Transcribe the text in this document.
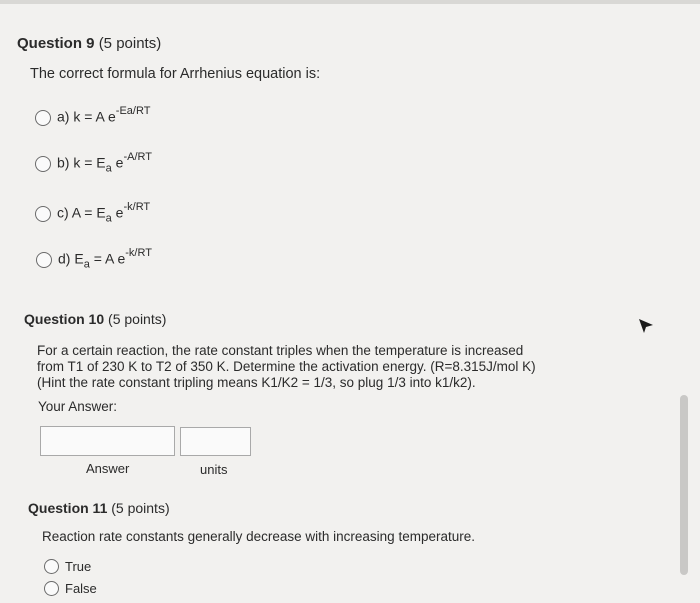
Question 9 (5 points)
The correct formula for Arrhenius equation is:
a) k = A $e^{-Ea/RT}$
b) $k = E_a$ $e^{-A/RT}$
c) $A = E_a$ $e^{-k/RT}$
d) $E_a = A$ $e^{-k/RT}$
Question 10 (5 points)
For a certain reaction, the rate constant triples when the temperature is increased
from T1 of 230 K to T2 of 350 K. Determine the activation energy. (R=8.315J/mol K)
(Hint the rate constant tripling means K1/K2 = 1/3, so plug 1/3 into k1/k2).
Your Answer:
Answer	units
Question 11 (5 points)
Reaction rate constants generally decrease with increasing temperature.
True
False
